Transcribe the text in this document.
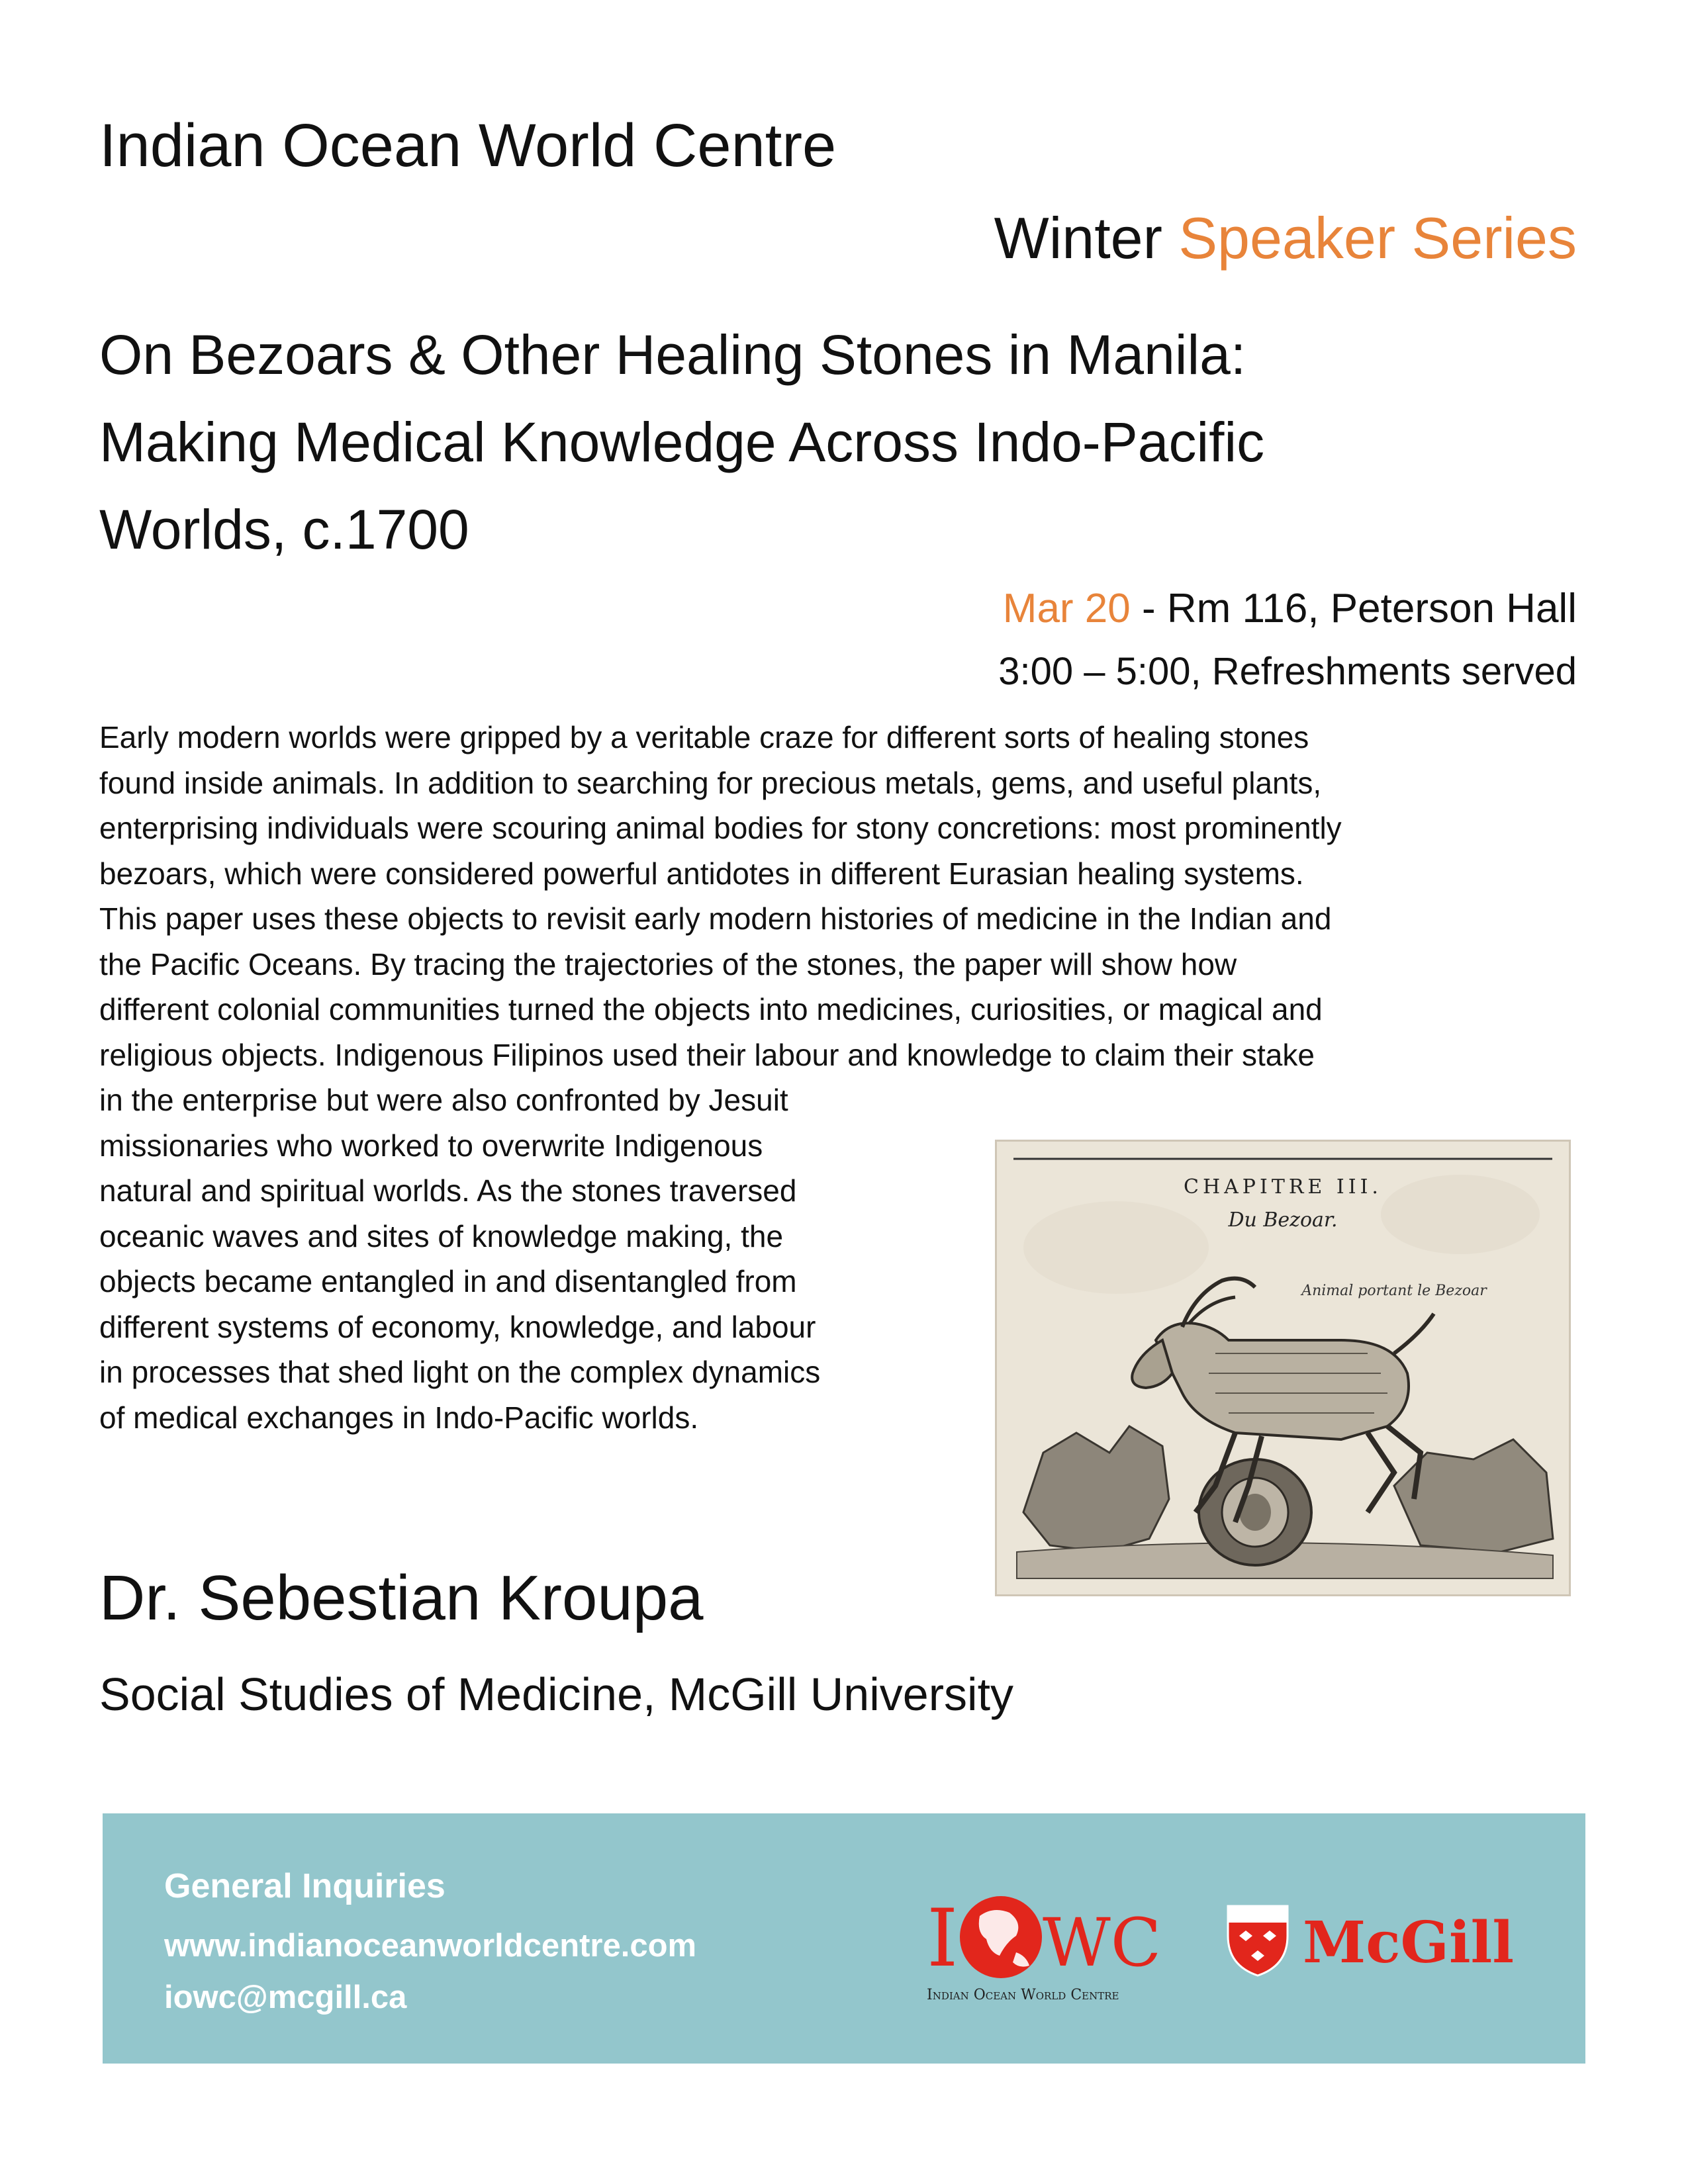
Indian Ocean World Centre
Winter Speaker Series
On Bezoars & Other Healing Stones in Manila:
Making Medical Knowledge Across Indo-Pacific
Worlds, c.1700
Mar 20 - Rm 116, Peterson Hall
3:00 – 5:00, Refreshments served
Early modern worlds were gripped by a veritable craze for different sorts of healing stones
found inside animals. In addition to searching for precious metals, gems, and useful plants,
enterprising individuals were scouring animal bodies for stony concretions: most prominently
bezoars, which were considered powerful antidotes in different Eurasian healing systems.
This paper uses these objects to revisit early modern histories of medicine in the Indian and
the Pacific Oceans. By tracing the trajectories of the stones, the paper will show how
different colonial communities turned the objects into medicines, curiosities, or magical and
religious objects. Indigenous Filipinos used their labour and knowledge to claim their stake
in the enterprise but were also confronted by Jesuit
missionaries who worked to overwrite Indigenous
natural and spiritual worlds. As the stones traversed
oceanic waves and sites of knowledge making, the
objects became entangled in and disentangled from
different systems of economy, knowledge, and labour
in processes that shed light on the complex dynamics
of medical exchanges in Indo-Pacific worlds.
CHAPITRE III.
Du Bezoar.
Animal portant le Bezoar
Dr. Sebestian Kroupa
Social Studies of Medicine, McGill University
General Inquiries
www.indianoceanworldcentre.com
iowc@mcgill.ca
I WC
Indian Ocean World Centre
McGill
